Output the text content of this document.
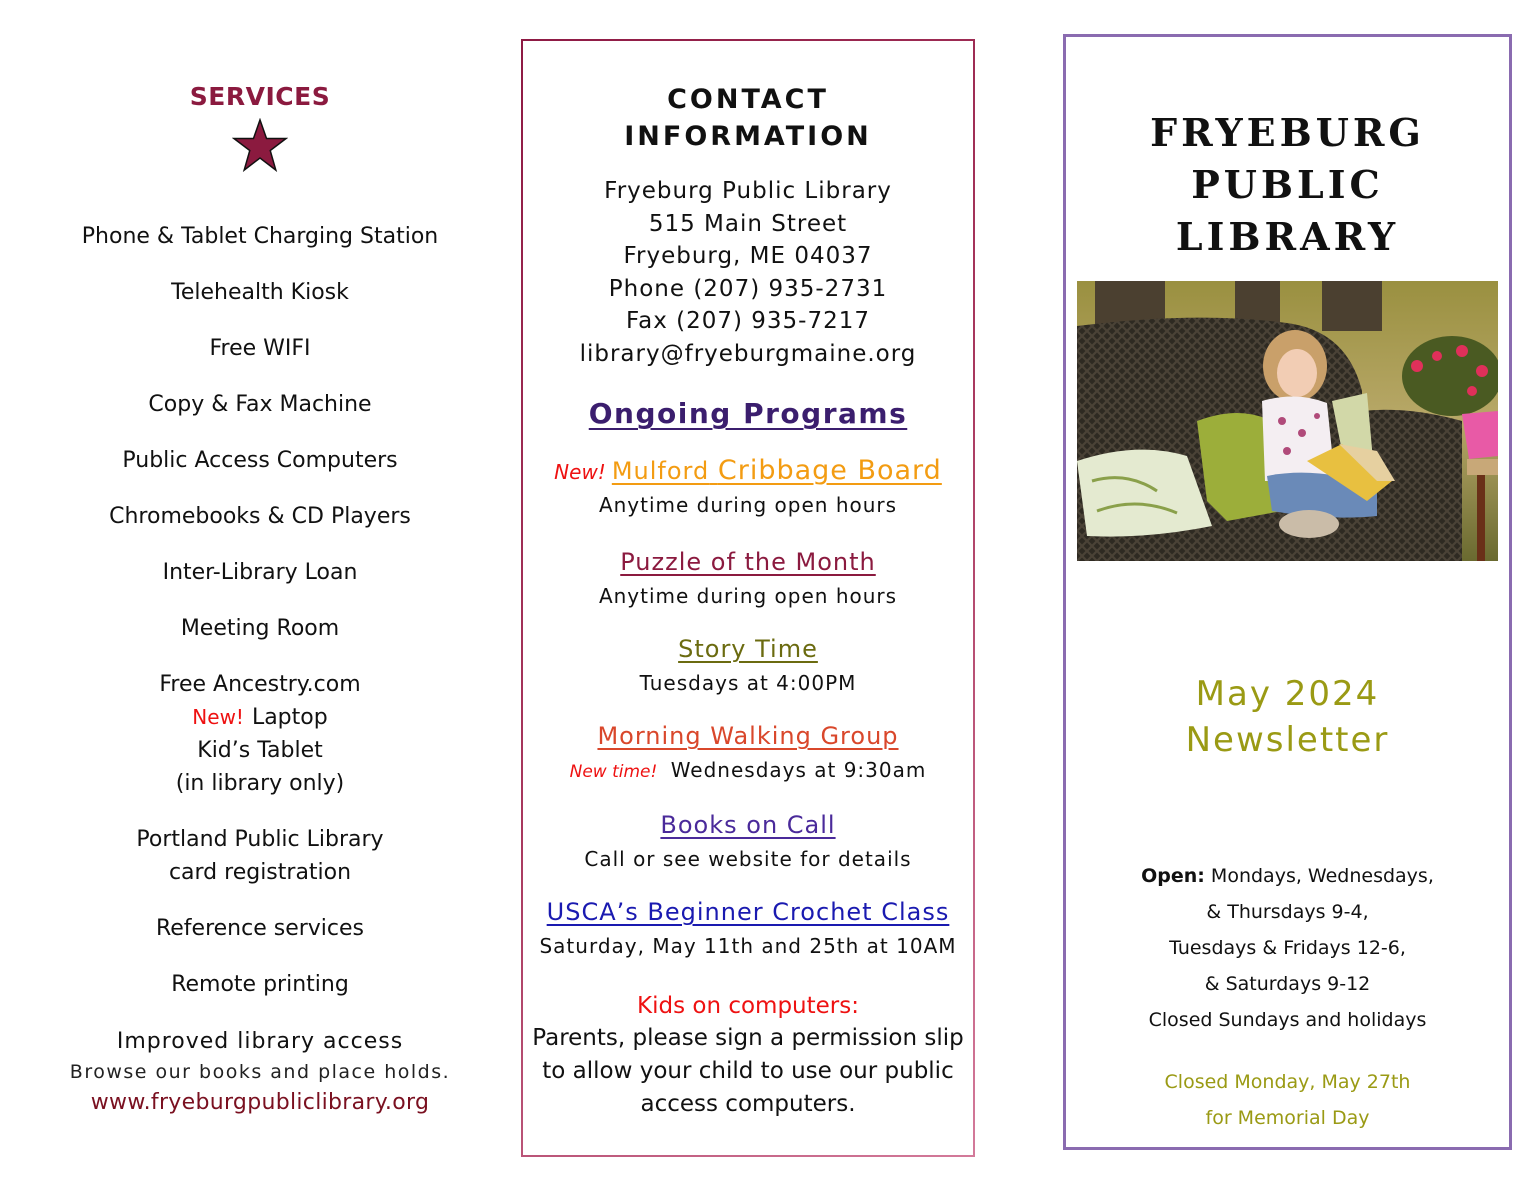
SERVICES
Phone & Tablet Charging Station
Telehealth Kiosk
Free WIFI
Copy & Fax Machine
Public Access Computers
Chromebooks & CD Players
Inter-Library Loan
Meeting Room
Free Ancestry.com
New! Laptop
Kid’s Tablet
(in library only)
Portland Public Library
card registration
Reference services
Remote printing
Improved library access
Browse our books and place holds.
www.fryeburgpubliclibrary.org
CONTACT
INFORMATION
Fryeburg Public Library
515 Main Street
Fryeburg, ME 04037
Phone (207) 935-2731
Fax (207) 935-7217
library@fryeburgmaine.org
Ongoing Programs
New! Mulford Cribbage Board
Anytime during open hours
Puzzle of the Month
Anytime during open hours
Story Time
Tuesdays at 4:00PM
Morning Walking Group
New time! Wednesdays at 9:30am
Books on Call
Call or see website for details
USCA’s Beginner Crochet Class
Saturday, May 11th and 25th at 10AM
Kids on computers:
Parents, please sign a permission slip
to allow your child to use our public
access computers.
FRYEBURG
PUBLIC
LIBRARY
May 2024
Newsletter
Open: Mondays, Wednesdays,
& Thursdays 9-4,
Tuesdays & Fridays 12-6,
& Saturdays 9-12
Closed Sundays and holidays
Closed Monday, May 27th
for Memorial Day
